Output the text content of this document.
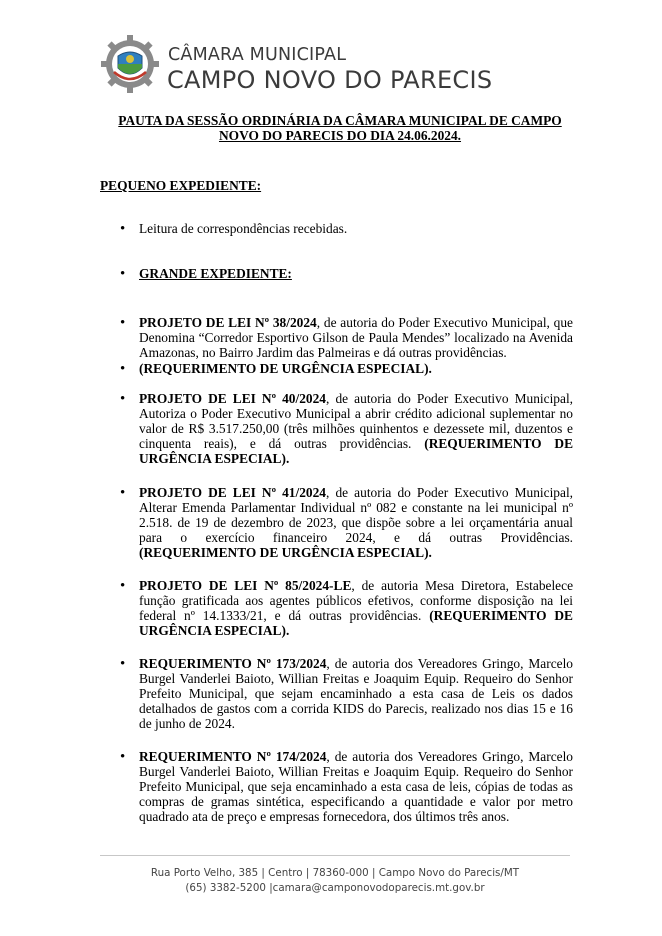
CÂMARA MUNICIPAL
CAMPO NOVO DO PARECIS
PAUTA DA SESSÃO ORDINÁRIA DA CÂMARA MUNICIPAL DE CAMPO NOVO DO PARECIS DO DIA 24.06.2024.
PEQUENO EXPEDIENTE:
• Leitura de correspondências recebidas.
• GRANDE EXPEDIENTE:
• PROJETO DE LEI Nº 38/2024, de autoria do Poder Executivo Municipal, que Denomina “Corredor Esportivo Gilson de Paula Mendes” localizado na Avenida Amazonas, no Bairro Jardim das Palmeiras e dá outras providências.
• (REQUERIMENTO DE URGÊNCIA ESPECIAL).
• PROJETO DE LEI Nº 40/2024, de autoria do Poder Executivo Municipal, Autoriza o Poder Executivo Municipal a abrir crédito adicional suplementar no valor de R$ 3.517.250,00 (três milhões quinhentos e dezessete mil, duzentos e cinquenta reais), e dá outras providências. (REQUERIMENTO DE URGÊNCIA ESPECIAL).
• PROJETO DE LEI Nº 41/2024, de autoria do Poder Executivo Municipal, Alterar Emenda Parlamentar Individual nº 082 e constante na lei municipal nº 2.518. de 19 de dezembro de 2023, que dispõe sobre a lei orçamentária anual para o exercício financeiro 2024, e dá outras Providências. (REQUERIMENTO DE URGÊNCIA ESPECIAL).
• PROJETO DE LEI Nº 85/2024-LE, de autoria Mesa Diretora, Estabelece função gratificada aos agentes públicos efetivos, conforme disposição na lei federal nº 14.1333/21, e dá outras providências. (REQUERIMENTO DE URGÊNCIA ESPECIAL).
• REQUERIMENTO Nº 173/2024, de autoria dos Vereadores Gringo, Marcelo Burgel Vanderlei Baioto, Willian Freitas e Joaquim Equip. Requeiro do Senhor Prefeito Municipal, que sejam encaminhado a esta casa de Leis os dados detalhados de gastos com a corrida KIDS do Parecis, realizado nos dias 15 e 16 de junho de 2024.
• REQUERIMENTO Nº 174/2024, de autoria dos Vereadores Gringo, Marcelo Burgel Vanderlei Baioto, Willian Freitas e Joaquim Equip. Requeiro do Senhor Prefeito Municipal, que seja encaminhado a esta casa de leis, cópias de todas as compras de gramas sintética, especificando a quantidade e valor por metro quadrado ata de preço e empresas fornecedora, dos últimos três anos.
Rua Porto Velho, 385 | Centro | 78360-000 | Campo Novo do Parecis/MT
(65) 3382-5200 |camara@camponovodoparecis.mt.gov.br
